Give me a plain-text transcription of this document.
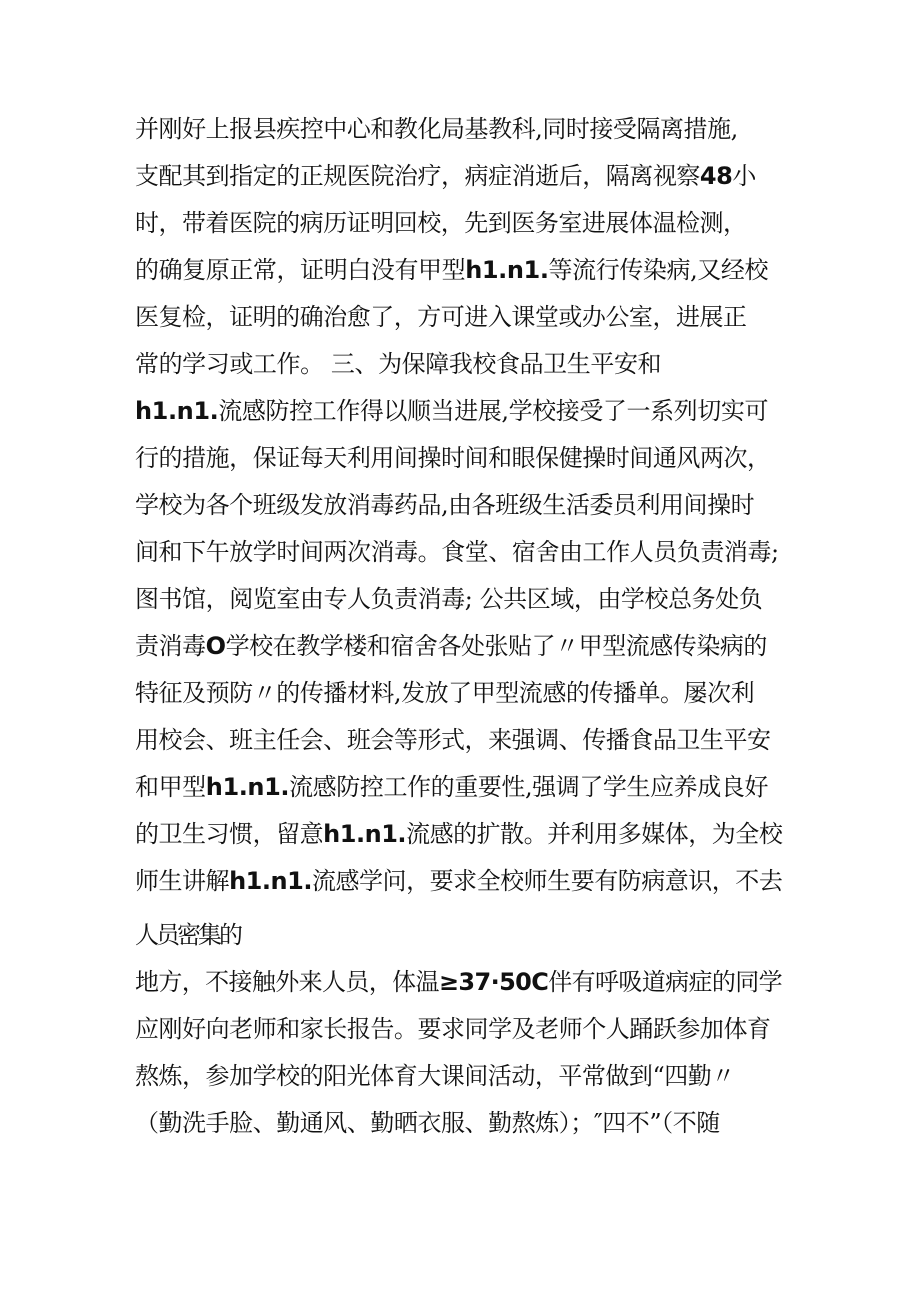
并刚好上报县疾控中心和教化局基教科,同时接受隔离措施,
支配其到指定的正规医院治疗，病症消逝后，隔离视察48小
时，带着医院的病历证明回校，先到医务室进展体温检测，
的确复原正常，证明白没有甲型h1.n1.等流行传染病,又经校
医复检，证明的确治愈了，方可进入课堂或办公室，进展正
常的学习或工作。 三、为保障我校食品卫生平安和
h1.n1.流感防控工作得以顺当进展,学校接受了一系列切实可
行的措施，保证每天利用间操时间和眼保健操时间通风两次，
学校为各个班级发放消毒药品,由各班级生活委员利用间操时
间和下午放学时间两次消毒。食堂、宿舍由工作人员负责消毒;
图书馆，阅览室由专人负责消毒; 公共区域，由学校总务处负
责消毒O学校在教学楼和宿舍各处张贴了〃甲型流感传染病的
特征及预防〃的传播材料,发放了甲型流感的传播单。屡次利
用校会、班主任会、班会等形式，来强调、传播食品卫生平安
和甲型h1.n1.流感防控工作的重要性,强调了学生应养成良好
的卫生习惯，留意h1.n1.流感的扩散。并利用多媒体，为全校
师生讲解h1.n1.流感学问，要求全校师生要有防病意识，不去
人员密集的
地方，不接触外来人员，体温≥37·50C伴有呼吸道病症的同学
应刚好向老师和家长报告。要求同学及老师个人踊跃参加体育
熬炼，参加学校的阳光体育大课间活动，平常做到“四勤〃
（勤洗手脸、勤通风、勤晒衣服、勤熬炼）；″四不”（不随
